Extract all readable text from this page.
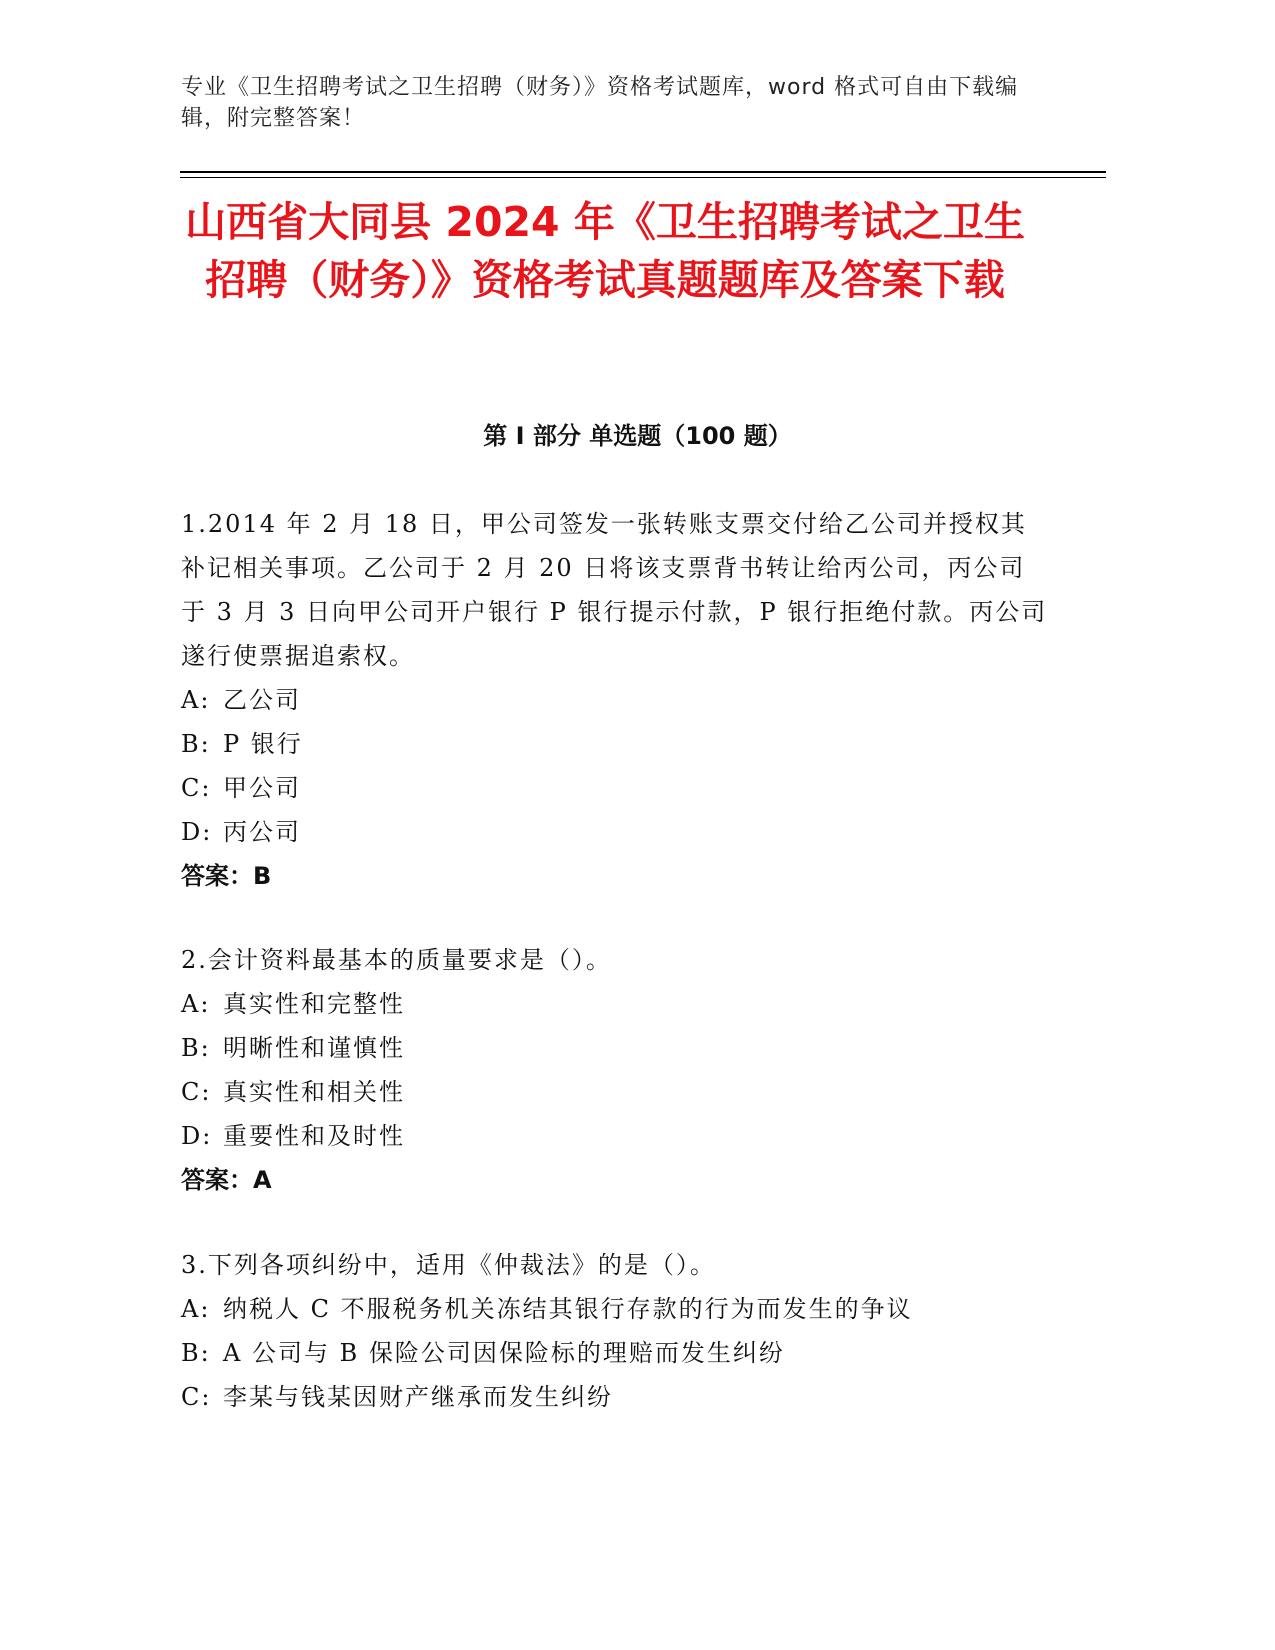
专业《卫生招聘考试之卫生招聘（财务）》资格考试题库，word 格式可自由下载编辑，附完整答案！
山西省大同县 2024 年《卫生招聘考试之卫生招聘（财务）》资格考试真题题库及答案下载
第 I 部分 单选题（100 题）

1.2014 年 2 月 18 日，甲公司签发一张转账支票交付给乙公司并授权其补记相关事项。乙公司于 2 月 20 日将该支票背书转让给丙公司，丙公司于 3 月 3 日向甲公司开户银行 P 银行提示付款，P 银行拒绝付款。丙公司遂行使票据追索权。

A: 乙公司

B: P 银行

C: 甲公司

D: 丙公司

答案：B

2.会计资料最基本的质量要求是（）。

A: 真实性和完整性

B: 明晰性和谨慎性

C: 真实性和相关性

D: 重要性和及时性

答案：A

3.下列各项纠纷中，适用《仲裁法》的是（）。

A: 纳税人 C 不服税务机关冻结其银行存款的行为而发生的争议

B: A 公司与 B 保险公司因保险标的理赔而发生纠纷

C: 李某与钱某因财产继承而发生纠纷
